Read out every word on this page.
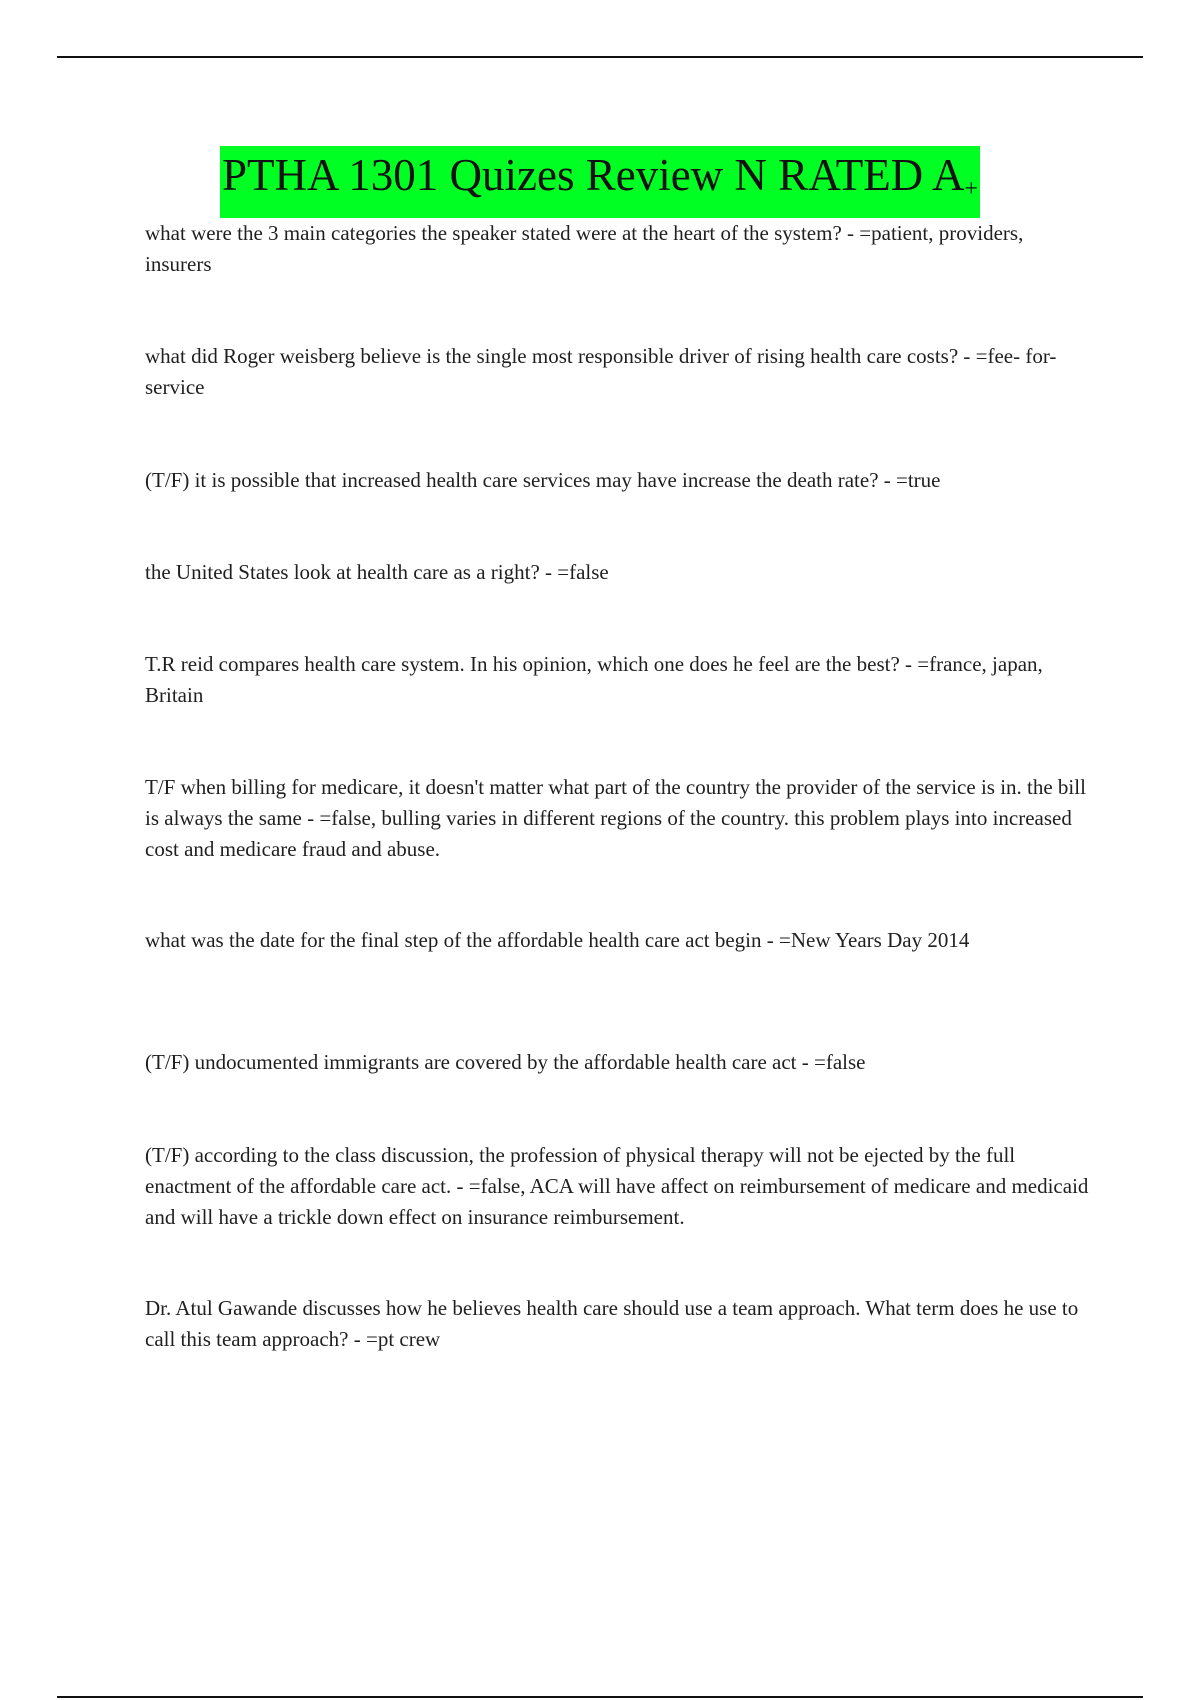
PTHA 1301 Quizes Review N RATED A+

what were the 3 main categories the speaker stated were at the heart of the system? - =patient, providers, insurers

what did Roger weisberg believe is the single most responsible driver of rising health care costs? - =fee- for- service

(T/F) it is possible that increased health care services may have increase the death rate? - =true

the United States look at health care as a right? - =false

T.R reid compares health care system. In his opinion, which one does he feel are the best? - =france, japan, Britain

T/F when billing for medicare, it doesn't matter what part of the country the provider of the service is in. the bill is always the same - =false, bulling varies in different regions of the country. this problem plays into increased cost and medicare fraud and abuse.

what was the date for the final step of the affordable health care act begin - =New Years Day 2014

(T/F) undocumented immigrants are covered by the affordable health care act - =false

(T/F) according to the class discussion, the profession of physical therapy will not be ejected by the full enactment of the affordable care act. - =false, ACA will have affect on reimbursement of medicare and medicaid and will have a trickle down effect on insurance reimbursement.

Dr. Atul Gawande discusses how he believes health care should use a team approach. What term does he use to call this team approach? - =pt crew
